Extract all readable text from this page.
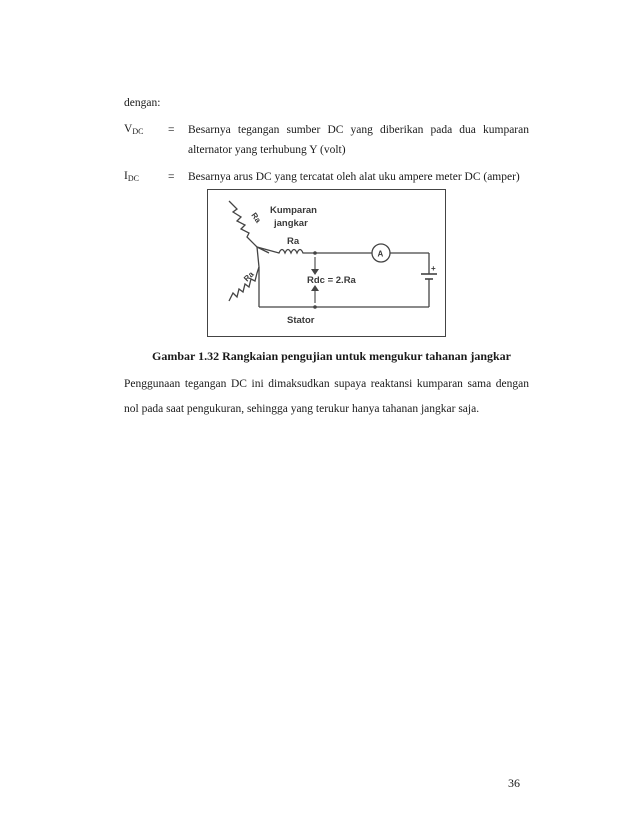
dengan:
$V_{DC}$ = Besarnya tegangan sumber DC yang diberikan pada dua kumparan
alternator yang terhubung Y (volt)
$I_{DC}$	= Besarnya arus DC yang tercatat oleh alat uku ampere meter DC (amper)
A
+
Kumparan
jangkar
Ra
Rdc = 2.Ra
Stator
Ra
Ra
Gambar 1.32 Rangkaian pengujian untuk mengukur tahanan jangkar
Penggunaan tegangan DC ini dimaksudkan supaya reaktansi kumparan sama dengan
nol pada saat pengukuran, sehingga yang terukur hanya tahanan jangkar saja.
36
